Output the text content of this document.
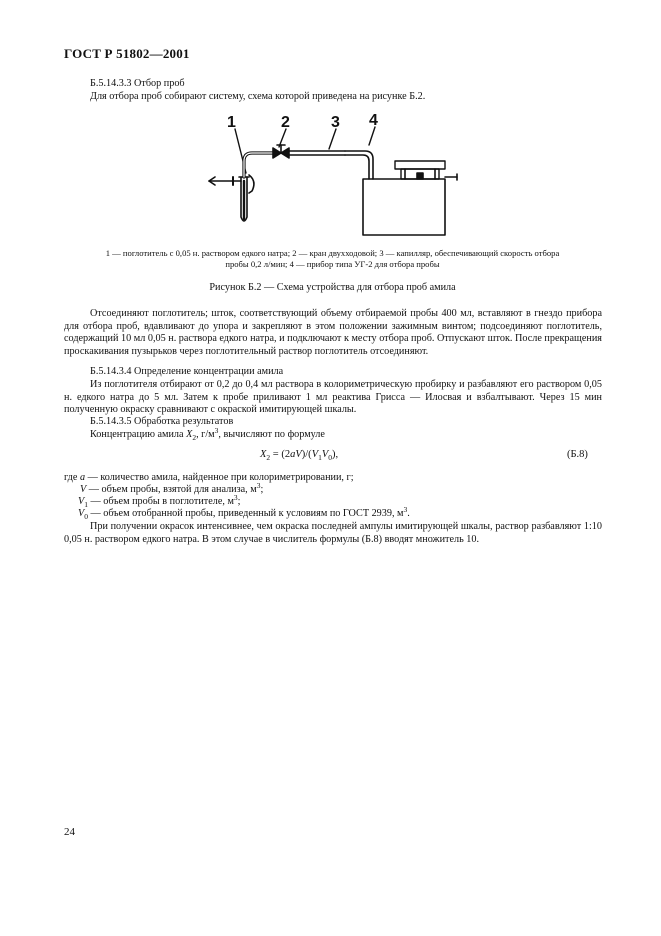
ГОСТ Р 51802—2001
Б.5.14.3.3 Отбор проб
Для отбора проб собирают систему, схема которой приведена на рисунке Б.2.
1	2	3 4
1 — поглотитель с 0,05 н. раствором едкого натра; 2 — кран двухходовой; 3 — капилляр, обеспечивающий скорость отбора
пробы 0,2 л/мин; 4 — прибор типа УГ-2 для отбора пробы
Рисунок Б.2 — Схема устройства для отбора проб амила
Отсоединяют поглотитель; шток, соответствующий объему отбираемой пробы 400 мл, вставляют в гнездо прибора для отбора проб, вдавливают до упора и закрепляют в этом положении зажимным винтом; подсоединяют поглотитель, содержащий 10 мл 0,05 н. раствора едкого натра, и подключают к месту отбора проб. Отпускают шток. После прекращения проскакивания пузырьков через поглотительный раствор поглотитель отсоединяют.
Б.5.14.3.4 Определение концентрации амила
Из поглотителя отбирают от 0,2 до 0,4 мл раствора в колориметрическую пробирку и разбавляют его раствором 0,05 н. едкого натра до 5 мл. Затем к пробе приливают 1 мл реактива Грисса — Илосвая и взбалтывают. Через 15 мин полученную окраску сравнивают с окраской имитирующей шкалы.
Б.5.14.3.5 Обработка результатов
Концентрацию амила $X_2$, $г/м^3$, вычисляют по формуле
$X_2 = (2aV)/(V_1V_0)$,	(Б.8)
где a — количество амила, найденное при колориметрировании, г;
V — объем пробы, взятой для анализа, $м^3$;
$V_1$ — объем пробы в поглотителе, $м^3$;
$V_0$ — объем отобранной пробы, приведенный к условиям по ГОСТ 2939, $м^3$.
При получении окрасок интенсивнее, чем окраска последней ампулы имитирующей шкалы, раствор разбавляют 1:10 0,05 н. раствором едкого натра. В этом случае в числитель формулы (Б.8) вводят множитель 10.
24
